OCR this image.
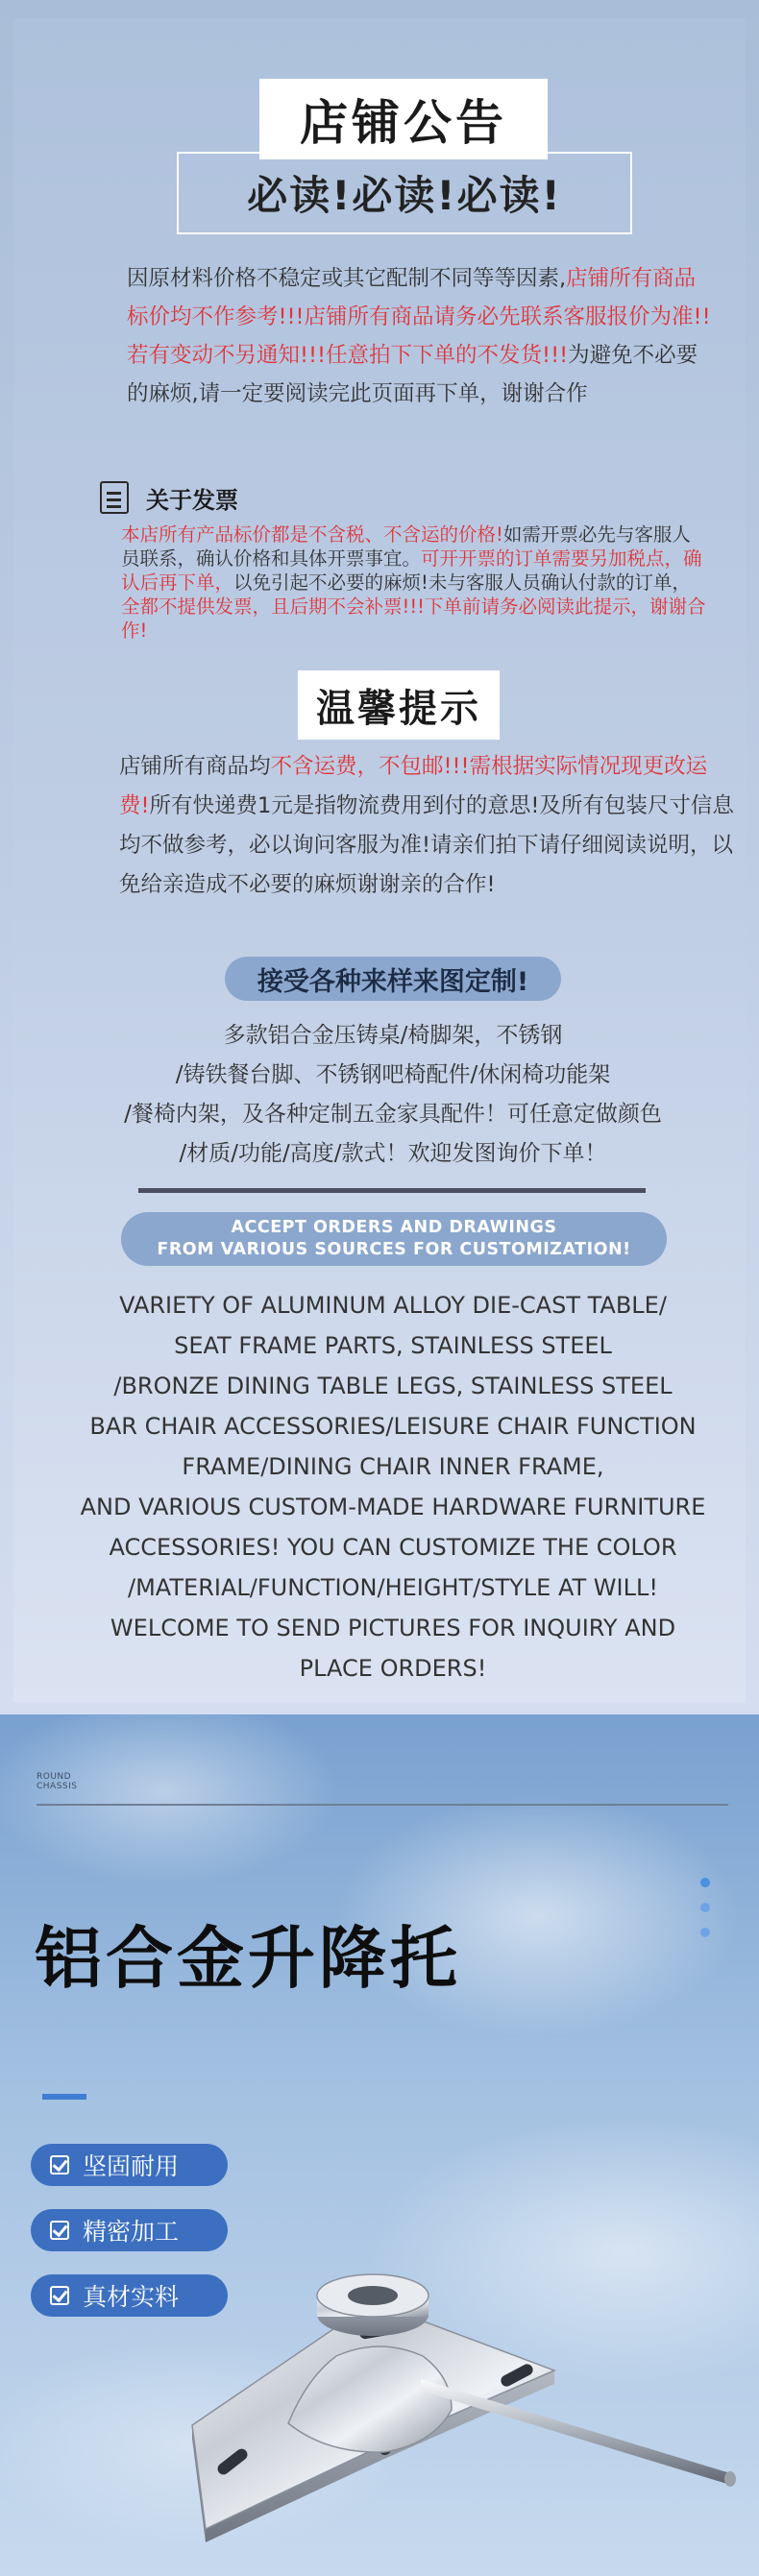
店铺公告
必读!必读!必读!

因原材料价格不稳定或其它配制不同等等因素,店铺所有商品标价均不作参考!!!店铺所有商品请务必先联系客服报价为准!!若有变动不另通知!!!任意拍下下单的不发货!!!为避免不必要的麻烦,请一定要阅读完此页面再下单，谢谢合作

关于发票

本店所有产品标价都是不含税、不含运的价格!如需开票必先与客服人员联系，确认价格和具体开票事宜。可开开票的订单需要另加税点，确认后再下单，以免引起不必要的麻烦!未与客服人员确认付款的订单，全都不提供发票，且后期不会补票!!!下单前请务必阅读此提示，谢谢合作!

温馨提示

店铺所有商品均不含运费，不包邮!!!需根据实际情况现更改运费!所有快递费1元是指物流费用到付的意思!及所有包装尺寸信息均不做参考，必以询问客服为准!请亲们拍下请仔细阅读说明，以免给亲造成不必要的麻烦谢谢亲的合作!

接受各种来样来图定制!
多款铝合金压铸桌/椅脚架，不锈钢
/铸铁餐台脚、不锈钢吧椅配件/休闲椅功能架
/餐椅内架，及各种定制五金家具配件！可任意定做颜色
/材质/功能/高度/款式！欢迎发图询价下单！
ACCEPT ORDERS AND DRAWINGS
FROM VARIOUS SOURCES FOR CUSTOMIZATION!
VARIETY OF ALUMINUM ALLOY DIE-CAST TABLE/
SEAT FRAME PARTS, STAINLESS STEEL
/BRONZE DINING TABLE LEGS, STAINLESS STEEL
BAR CHAIR ACCESSORIES/LEISURE CHAIR FUNCTION
FRAME/DINING CHAIR INNER FRAME,
AND VARIOUS CUSTOM-MADE HARDWARE FURNITURE
ACCESSORIES! YOU CAN CUSTOMIZE THE COLOR
/MATERIAL/FUNCTION/HEIGHT/STYLE AT WILL!
WELCOME TO SEND PICTURES FOR INQUIRY AND
PLACE ORDERS!
ROUND
CHASSIS
铝合金升降托
坚固耐用
精密加工
真材实料
